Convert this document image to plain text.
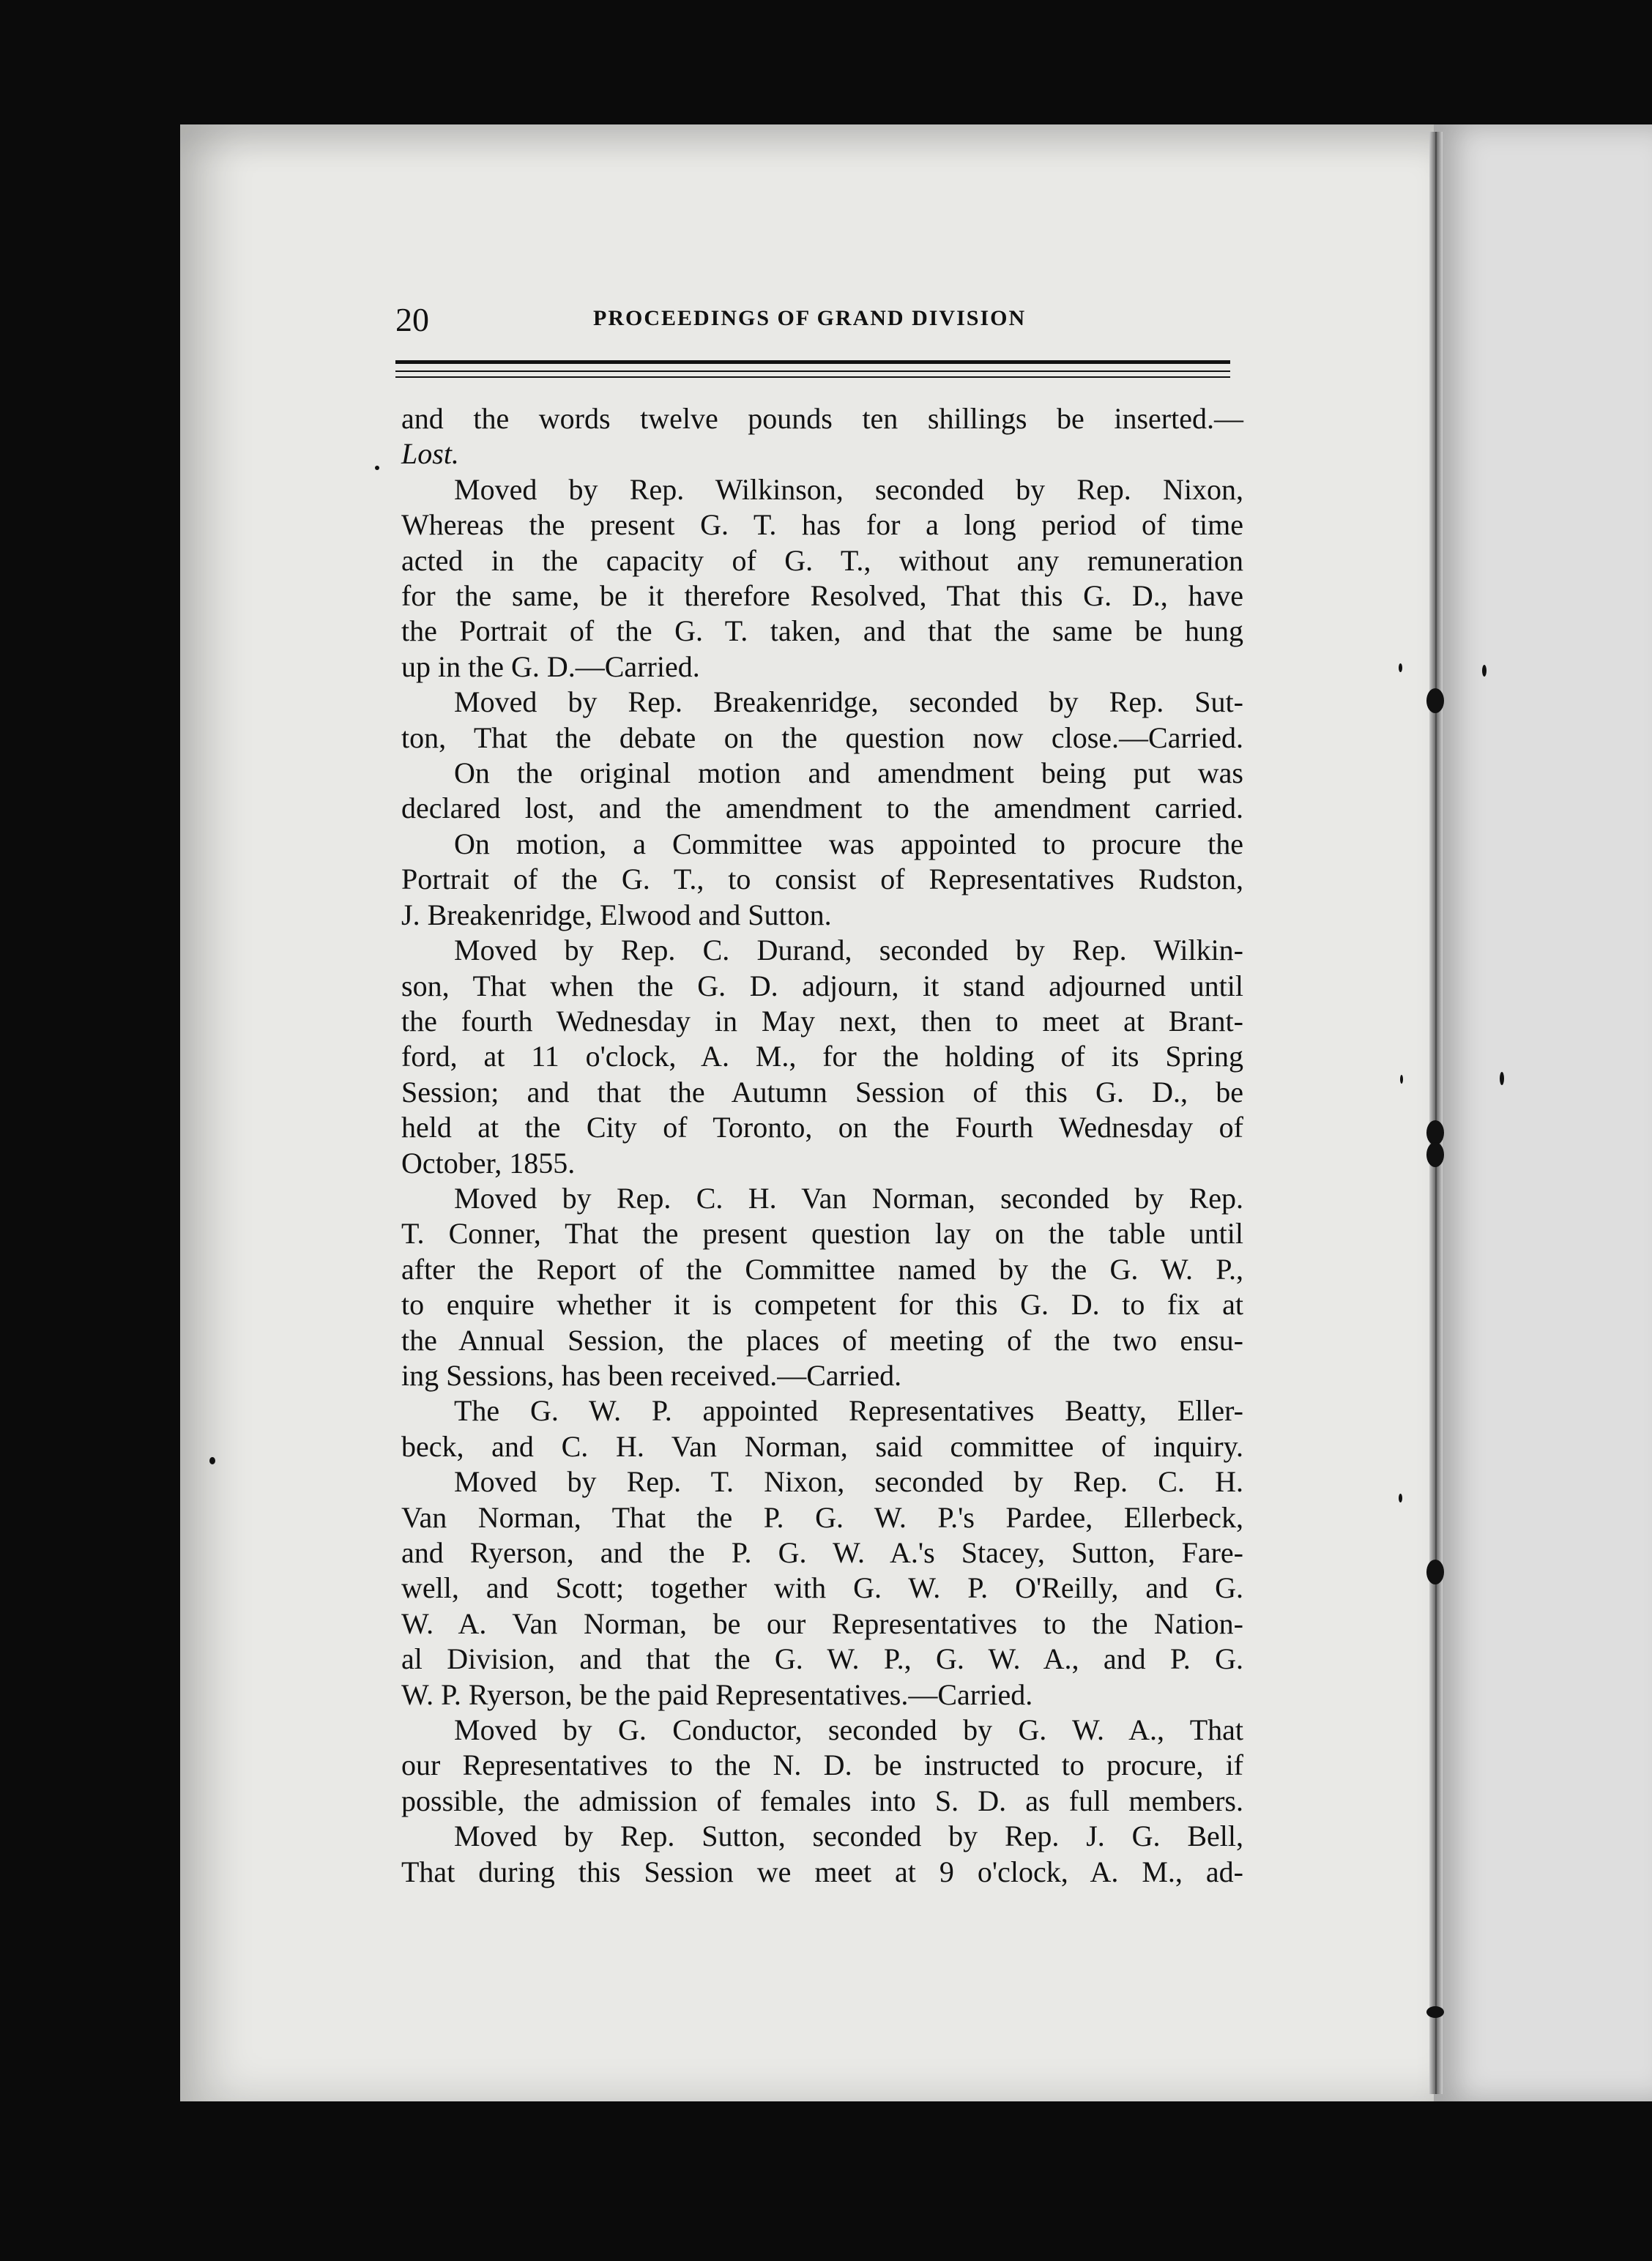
20	PROCEEDINGS OF GRAND DIVISION
and the words twelve pounds ten shillings be inserted.—
Lost.
Moved by Rep. Wilkinson, seconded by Rep. Nixon,
Whereas the present G. T. has for a long period of time
acted in the capacity of G. T., without any remuneration
for the same, be it therefore Resolved, That this G. D., have
the Portrait of the G. T. taken, and that the same be hung
up in the G. D.—Carried.
Moved by Rep. Breakenridge, seconded by Rep. Sut-
ton, That the debate on the question now close.—Carried.
On the original motion and amendment being put was
declared lost, and the amendment to the amendment carried.
On motion, a Committee was appointed to procure the
Portrait of the G. T., to consist of Representatives Rudston,
J. Breakenridge, Elwood and Sutton.
Moved by Rep. C. Durand, seconded by Rep. Wilkin-
son, That when the G. D. adjourn, it stand adjourned until
the fourth Wednesday in May next, then to meet at Brant-
ford, at 11 o'clock, A. M., for the holding of its Spring
Session; and that the Autumn Session of this G. D., be
held at the City of Toronto, on the Fourth Wednesday of
October, 1855.
Moved by Rep. C. H. Van Norman, seconded by Rep.
T. Conner, That the present question lay on the table until
after the Report of the Committee named by the G. W. P.,
to enquire whether it is competent for this G. D. to fix at
the Annual Session, the places of meeting of the two ensu-
ing Sessions, has been received.—Carried.
The G. W. P. appointed Representatives Beatty, Eller-
beck, and C. H. Van Norman, said committee of inquiry.
Moved by Rep. T. Nixon, seconded by Rep. C. H.
Van Norman, That the P. G. W. P.'s Pardee, Ellerbeck,
and Ryerson, and the P. G. W. A.'s Stacey, Sutton, Fare-
well, and Scott; together with G. W. P. O'Reilly, and G.
W. A. Van Norman, be our Representatives to the Nation-
al Division, and that the G. W. P., G. W. A., and P. G.
W. P. Ryerson, be the paid Representatives.—Carried.
Moved by G. Conductor, seconded by G. W. A., That
our Representatives to the N. D. be instructed to procure, if
possible, the admission of females into S. D. as full members.
Moved by Rep. Sutton, seconded by Rep. J. G. Bell,
That during this Session we meet at 9 o'clock, A. M., ad-
